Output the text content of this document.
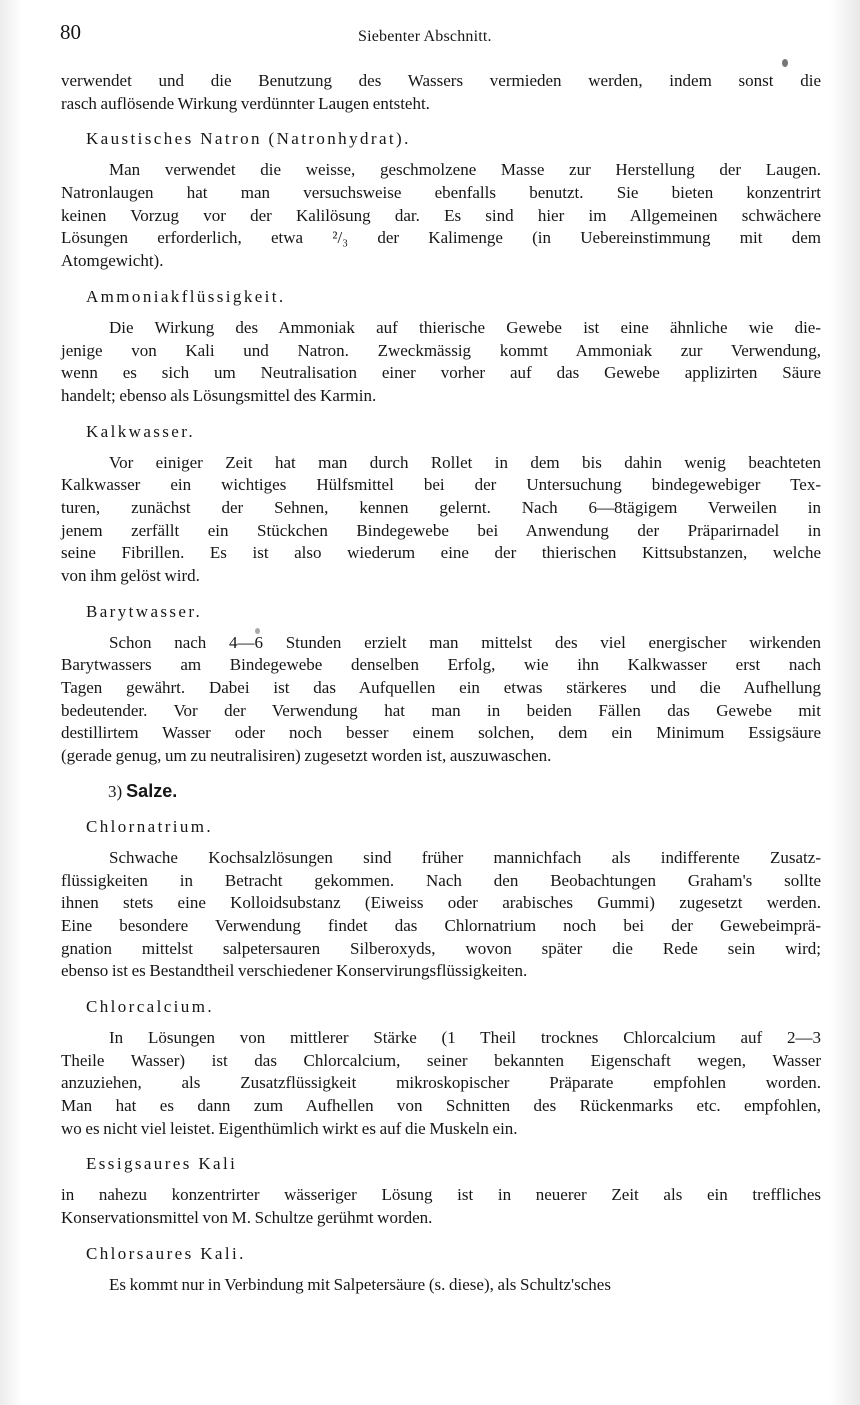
80	Siebenter Abschnitt.
verwendet und die Benutzung des Wassers vermieden werden, indem sonst die
rasch auflösende Wirkung verdünnter Laugen entsteht.
Kaustisches Natron (Natronhydrat).
Man verwendet die weisse, geschmolzene Masse zur Herstellung der Laugen.
Natronlaugen hat man versuchsweise ebenfalls benutzt. Sie bieten konzentrirt
keinen Vorzug vor der Kalilösung dar. Es sind hier im Allgemeinen schwächere
Lösungen erforderlich, etwa ²/₃ der Kalimenge (in Uebereinstimmung mit dem
Atomgewicht).
Ammoniakflüssigkeit.
Die Wirkung des Ammoniak auf thierische Gewebe ist eine ähnliche wie die-
jenige von Kali und Natron. Zweckmässig kommt Ammoniak zur Verwendung,
wenn es sich um Neutralisation einer vorher auf das Gewebe applizirten Säure
handelt; ebenso als Lösungsmittel des Karmin.
Kalkwasser.
Vor einiger Zeit hat man durch Rollet in dem bis dahin wenig beachteten
Kalkwasser ein wichtiges Hülfsmittel bei der Untersuchung bindegewebiger Tex-
turen, zunächst der Sehnen, kennen gelernt. Nach 6—8tägigem Verweilen in
jenem zerfällt ein Stückchen Bindegewebe bei Anwendung der Präparirnadel in
seine Fibrillen. Es ist also wiederum eine der thierischen Kittsubstanzen, welche
von ihm gelöst wird.
Barytwasser.
Schon nach 4—6 Stunden erzielt man mittelst des viel energischer wirkenden
Barytwassers am Bindegewebe denselben Erfolg, wie ihn Kalkwasser erst nach
Tagen gewährt. Dabei ist das Aufquellen ein etwas stärkeres und die Aufhellung
bedeutender. Vor der Verwendung hat man in beiden Fällen das Gewebe mit
destillirtem Wasser oder noch besser einem solchen, dem ein Minimum Essigsäure
(gerade genug, um zu neutralisiren) zugesetzt worden ist, auszuwaschen.
3) Salze.
Chlornatrium.
Schwache Kochsalzlösungen sind früher mannichfach als indifferente Zusatz-
flüssigkeiten in Betracht gekommen. Nach den Beobachtungen Graham's sollte
ihnen stets eine Kolloidsubstanz (Eiweiss oder arabisches Gummi) zugesetzt werden.
Eine besondere Verwendung findet das Chlornatrium noch bei der Gewebeimprä-
gnation mittelst salpetersauren Silberoxyds, wovon später die Rede sein wird;
ebenso ist es Bestandtheil verschiedener Konservirungsflüssigkeiten.
Chlorcalcium.
In Lösungen von mittlerer Stärke (1 Theil trocknes Chlorcalcium auf 2—3
Theile Wasser) ist das Chlorcalcium, seiner bekannten Eigenschaft wegen, Wasser
anzuziehen, als Zusatzflüssigkeit mikroskopischer Präparate empfohlen worden.
Man hat es dann zum Aufhellen von Schnitten des Rückenmarks etc. empfohlen,
wo es nicht viel leistet. Eigenthümlich wirkt es auf die Muskeln ein.
Essigsaures Kali
in nahezu konzentrirter wässeriger Lösung ist in neuerer Zeit als ein treffliches
Konservationsmittel von M. Schultze gerühmt worden.
Chlorsaures Kali.
Es kommt nur in Verbindung mit Salpetersäure (s. diese), als Schultz'sches
